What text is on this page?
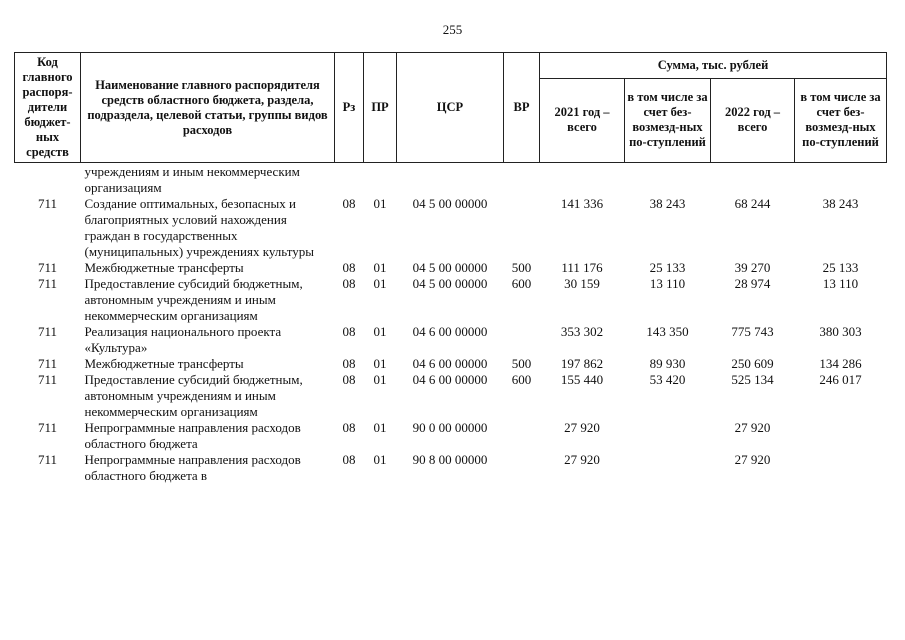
255
Код главного распоря-дители бюджет-ных средств	Наименование главного распорядителя средств областного бюджета, раздела, подраздела, целевой статьи, группы видов расходов	Рз	ПР	ЦСР	ВР	Сумма, тыс. рублей			
						2021 год – всего	в том числе за счет без-возмезд-ных по-ступлений	2022 год – всего	в том числе за счет без-возмезд-ных по-ступлений
	учреждениям и иным некоммерческим организациям								
711	Создание оптимальных, безопасных и благоприятных условий нахождения граждан в государственных (муниципальных) учреждениях культуры	08	01	04 5 00 00000		141 336	38 243	68 244	38 243
711	Межбюджетные трансферты	08	01	04 5 00 00000	500	111 176	25 133	39 270	25 133
711	Предоставление субсидий бюджетным, автономным учреждениям и иным некоммерческим организациям	08	01	04 5 00 00000	600	30 159	13 110	28 974	13 110
711	Реализация национального проекта «Культура»	08	01	04 6 00 00000		353 302	143 350	775 743	380 303
711	Межбюджетные трансферты	08	01	04 6 00 00000	500	197 862	89 930	250 609	134 286
711	Предоставление субсидий бюджетным, автономным учреждениям и иным некоммерческим организациям	08	01	04 6 00 00000	600	155 440	53 420	525 134	246 017
711	Непрограммные направления расходов областного бюджета	08	01	90 0 00 00000		27 920		27 920	
711	Непрограммные направления расходов областного бюджета в	08	01	90 8 00 00000		27 920		27 920	
